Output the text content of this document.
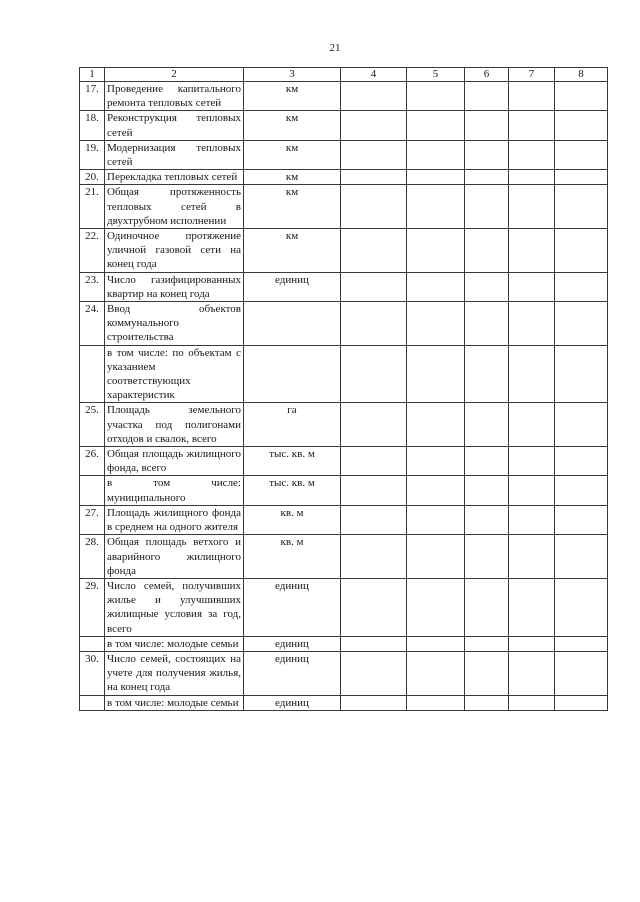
21
1	2	3	4	5	6	7	8
17.	Проведение капитального ремонта тепловых сетей	км					
18.	Реконструкция тепловых сетей	км					
19.	Модернизация тепловых сетей	км					
20.	Перекладка тепловых сетей	км					
21.	Общая протяженность тепловых сетей в двухтрубном исполнении	км					
22.	Одиночное протяжение уличной газовой сети на конец года	км					
23.	Число газифицированных квартир на конец года	единиц					
24.	Ввод объектов коммунального строительства						
	в том числе: по объектам с указанием соответствующих характеристик						
25.	Площадь земельного участка под полигонами отходов и свалок, всего	га					
26.	Общая площадь жилищного фонда, всего	тыс. кв. м					
	в том числе: муниципального	тыс. кв. м					
27.	Площадь жилищного фонда в среднем на одного жителя	кв. м					
28.	Общая площадь ветхого и аварийного жилищного фонда	кв. м					
29.	Число семей, получивших жилье и улучшивших жилищные условия за год, всего	единиц					
	в том числе: молодые семьи	единиц					
30.	Число семей, состоящих на учете для получения жилья, на конец года	единиц					
	в том числе: молодые семьи	единиц					
